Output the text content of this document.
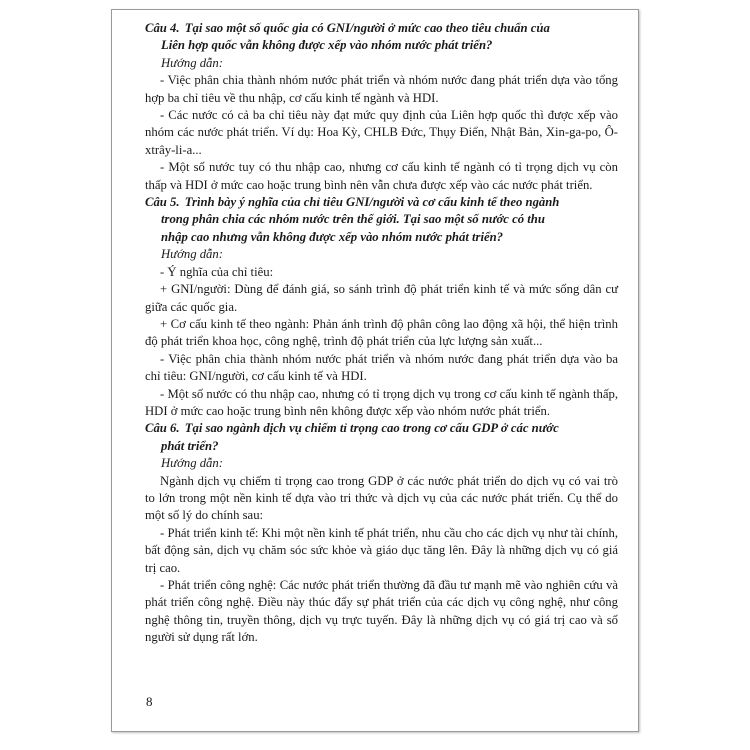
Câu 4. Tại sao một số quốc gia có GNI/người ở mức cao theo tiêu chuẩn của
Liên hợp quốc vẫn không được xếp vào nhóm nước phát triển?
Hướng dẫn:
- Việc phân chia thành nhóm nước phát triển và nhóm nước đang phát triển dựa vào tổng hợp ba chỉ tiêu về thu nhập, cơ cấu kinh tế ngành và HDI.
- Các nước có cả ba chỉ tiêu này đạt mức quy định của Liên hợp quốc thì được xếp vào nhóm các nước phát triển. Ví dụ: Hoa Kỳ, CHLB Đức, Thụy Điển, Nhật Bản, Xin-ga-po, Ô-xtrây-li-a...
- Một số nước tuy có thu nhập cao, nhưng cơ cấu kinh tế ngành có tỉ trọng dịch vụ còn thấp và HDI ở mức cao hoặc trung bình nên vẫn chưa được xếp vào các nước phát triển.
Câu 5. Trình bày ý nghĩa của chỉ tiêu GNI/người và cơ cấu kinh tế theo ngành
trong phân chia các nhóm nước trên thế giới. Tại sao một số nước có thu
nhập cao nhưng vẫn không được xếp vào nhóm nước phát triển?
Hướng dẫn:
- Ý nghĩa của chỉ tiêu:
+ GNI/người: Dùng để đánh giá, so sánh trình độ phát triển kinh tế và mức sống dân cư giữa các quốc gia.
+ Cơ cấu kinh tế theo ngành: Phản ánh trình độ phân công lao động xã hội, thể hiện trình độ phát triển khoa học, công nghệ, trình độ phát triển của lực lượng sản xuất...
- Việc phân chia thành nhóm nước phát triển và nhóm nước đang phát triển dựa vào ba chỉ tiêu: GNI/người, cơ cấu kinh tế và HDI.
- Một số nước có thu nhập cao, nhưng có tỉ trọng dịch vụ trong cơ cấu kinh tế ngành thấp, HDI ở mức cao hoặc trung bình nên không được xếp vào nhóm nước phát triển.
Câu 6. Tại sao ngành dịch vụ chiếm tỉ trọng cao trong cơ cấu GDP ở các nước
phát triển?
Hướng dẫn:
Ngành dịch vụ chiếm tỉ trọng cao trong GDP ở các nước phát triển do dịch vụ có vai trò to lớn trong một nền kinh tế dựa vào tri thức và dịch vụ của các nước phát triển. Cụ thể do một số lý do chính sau:
- Phát triển kinh tế: Khi một nền kinh tế phát triển, nhu cầu cho các dịch vụ như tài chính, bất động sản, dịch vụ chăm sóc sức khỏe và giáo dục tăng lên. Đây là những dịch vụ có giá trị cao.
- Phát triển công nghệ: Các nước phát triển thường đã đầu tư mạnh mẽ vào nghiên cứu và phát triển công nghệ. Điều này thúc đẩy sự phát triển của các dịch vụ công nghệ, như công nghệ thông tin, truyền thông, dịch vụ trực tuyến. Đây là những dịch vụ có giá trị cao và số người sử dụng rất lớn.
8
